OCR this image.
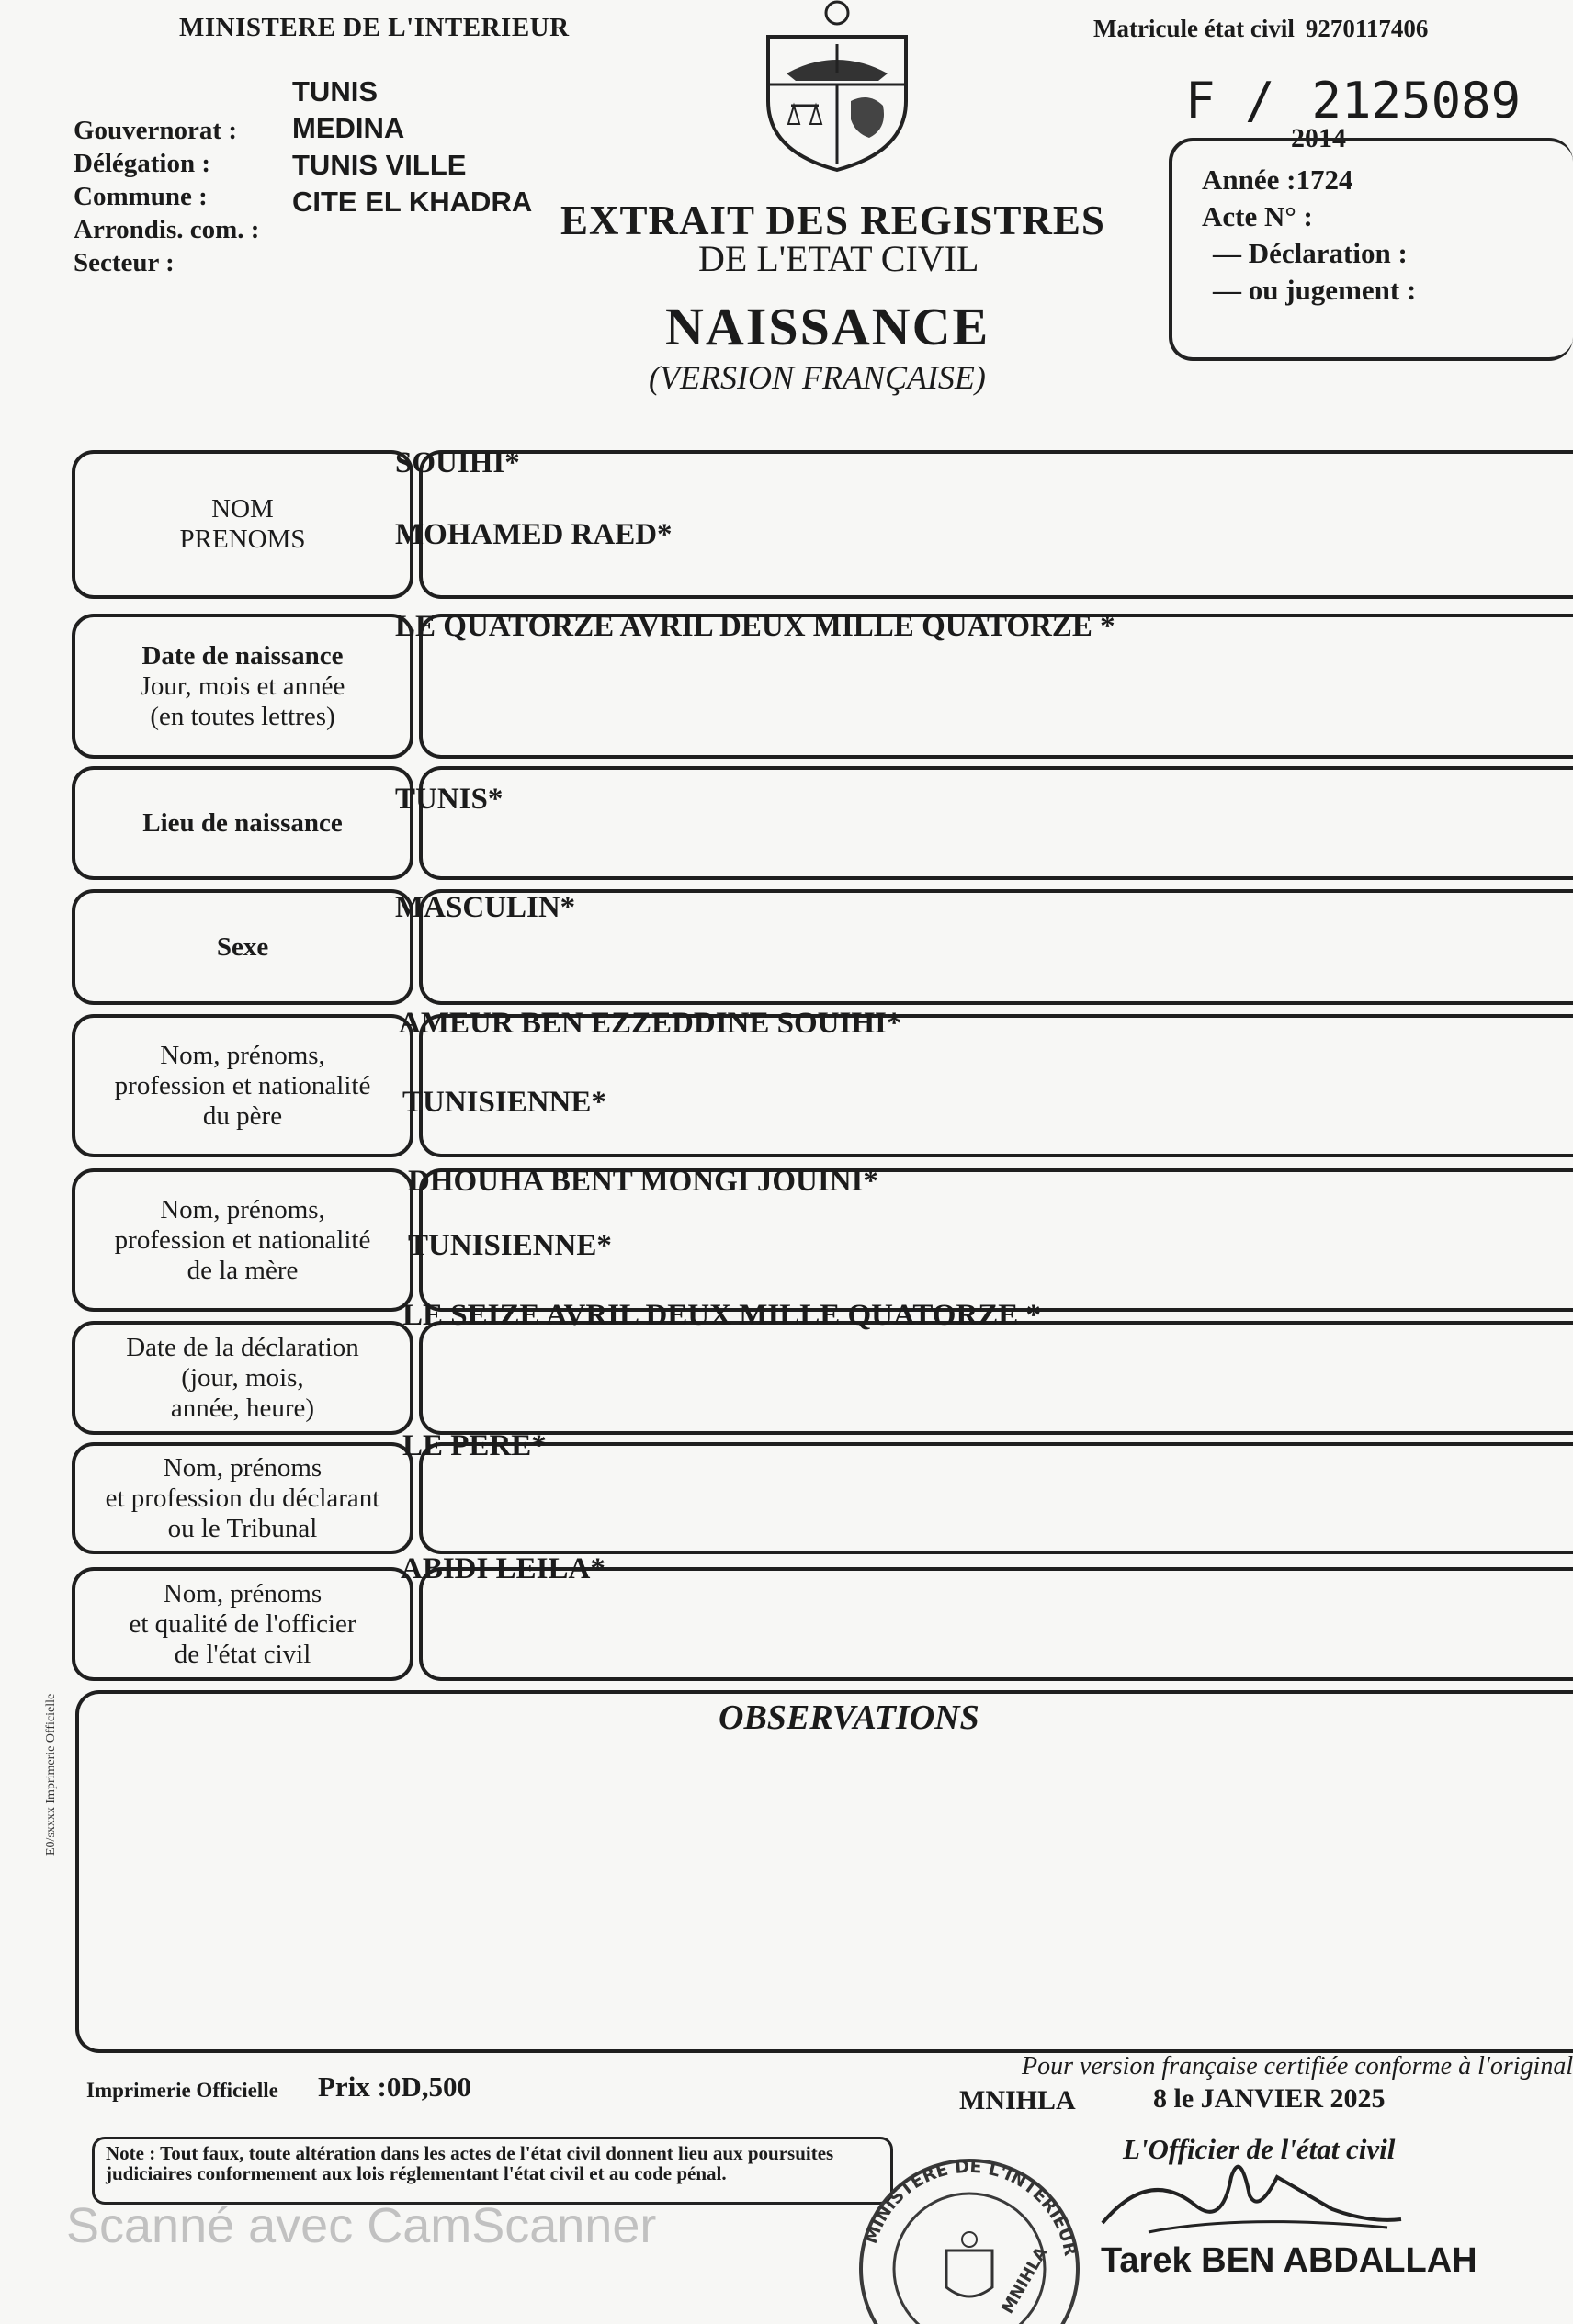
MINISTERE DE L'INTERIEUR	Matricule état civil 9270117406
TUNIS
MEDINA
TUNIS VILLE
CITE EL KHADRA
Gouvernorat :
Délégation :
Commune :
Arrondis. com. :
Secteur :
F / 2125089
2014
Année :1724
Acte N° :
— Déclaration :
— ou jugement :
EXTRAIT DES REGISTRES
DE L'ETAT CIVIL
NAISSANCE
(VERSION FRANÇAISE)
NOM
PRENOMS
SOUIHI*
MOHAMED RAED*
Date de naissance
Jour, mois et année
(en toutes lettres)
LE QUATORZE AVRIL DEUX MILLE QUATORZE *
Lieu de naissance
TUNIS*
Sexe
MASCULIN*
Nom, prénoms,
profession et nationalité
du père
AMEUR BEN EZZEDDINE SOUIHI*
TUNISIENNE*
Nom, prénoms,
profession et nationalité
de la mère
DHOUHA BENT MONGI JOUINI*
TUNISIENNE*
Date de la déclaration
(jour, mois,
année, heure)
LE SEIZE AVRIL DEUX MILLE QUATORZE *
Nom, prénoms
et profession du déclarant
ou le Tribunal
LE PERE*
Nom, prénoms
et qualité de l'officier
de l'état civil
ABIDI LEILA*
OBSERVATIONS
E0/sxxxx Imprimerie Officielle
Imprimerie Officielle Prix :0D,500
Pour version française certifiée conforme à l'original
MNIHLA	8 le JANVIER 2025
L'Officier de l'état civil
Note : Tout faux, toute altération dans les actes de l'état civil donnent lieu aux poursuites judiciaires conformement aux lois réglementant l'état civil et au code pénal.
MINISTERE DE L'INTERIEUR
MNIHLA Tarek BEN ABDALLAH
Scanné avec CamScanner
